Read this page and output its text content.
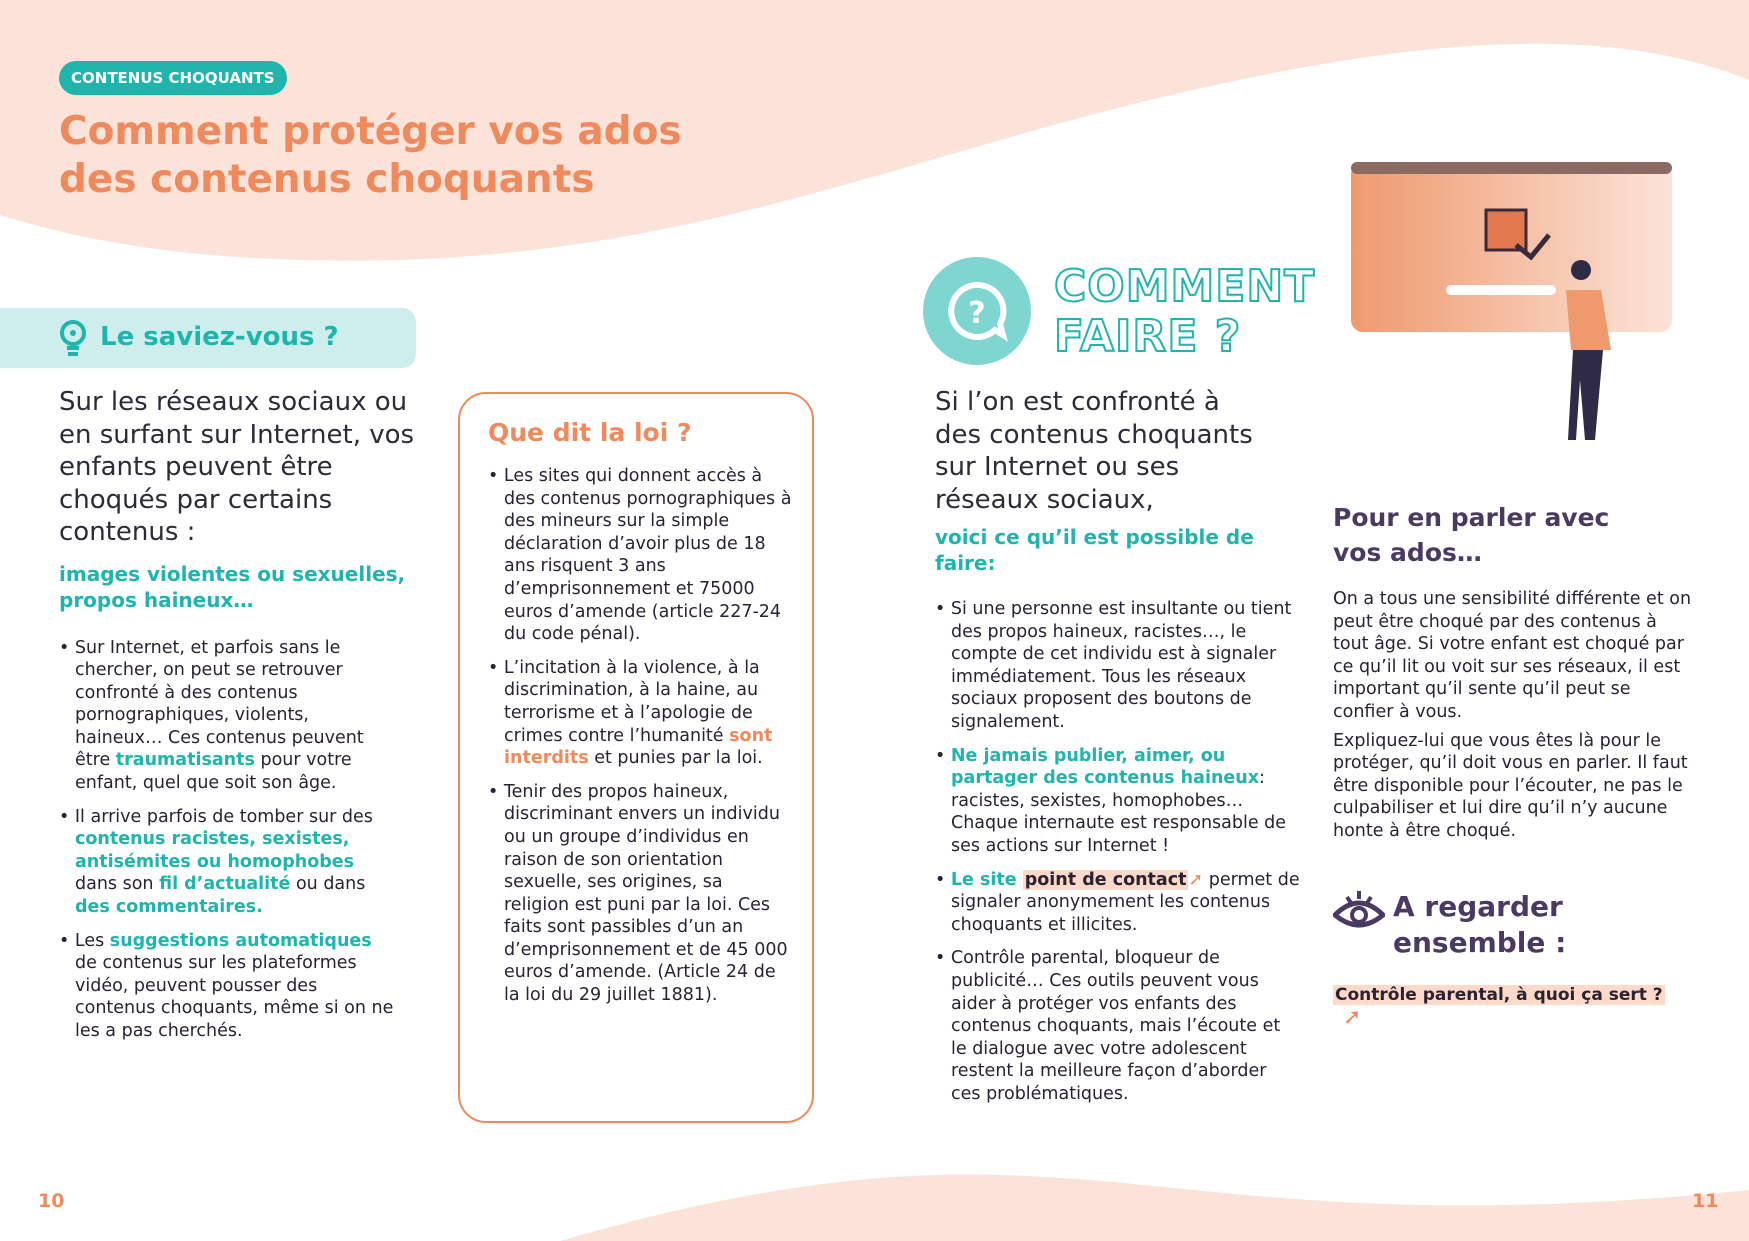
CONTENUS CHOQUANTS
Comment protéger vos ados
des contenus choquants
Le saviez-vous ?

Sur les réseaux sociaux ou en surfant sur Internet, vos enfants peuvent être choqués par certains contenus :

images violentes ou sexuelles, propos haineux…

• Sur Internet, et parfois sans le chercher, on peut se retrouver confronté à des contenus pornographiques, violents, haineux… Ces contenus peuvent être traumatisants pour votre enfant, quel que soit son âge.
• Il arrive parfois de tomber sur des contenus racistes, sexistes, antisémites ou homophobes dans son fil d’actualité ou dans des commentaires.
• Les suggestions automatiques de contenus sur les plateformes vidéo, peuvent pousser des contenus choquants, même si on ne les a pas cherchés.
Que dit la loi ?
• Les sites qui donnent accès à des contenus pornographiques à des mineurs sur la simple déclaration d’avoir plus de 18 ans risquent 3 ans d’emprisonnement et 75000 euros d’amende (article 227-24 du code pénal).
• L’incitation à la violence, à la discrimination, à la haine, au terrorisme et à l’apologie de crimes contre l’humanité sont interdits et punies par la loi.
• Tenir des propos haineux, discriminant envers un individu ou un groupe d’individus en raison de son orientation sexuelle, ses origines, sa religion est puni par la loi. Ces faits sont passibles d’un an d’emprisonnement et de 45 000 euros d’amende. (Article 24 de la loi du 29 juillet 1881).
?
COMMENT
FAIRE ?

Si l’on est confronté à des contenus choquants sur Internet ou ses réseaux sociaux,

voici ce qu’il est possible de faire:

• Si une personne est insultante ou tient des propos haineux, racistes…, le compte de cet individu est à signaler immédiatement. Tous les réseaux sociaux proposent des boutons de signalement.
• Ne jamais publier, aimer, ou partager des contenus haineux: racistes, sexistes, homophobes… Chaque internaute est responsable de ses actions sur Internet !
• Le site point de contact ➚ permet de signaler anonymement les contenus choquants et illicites.
• Contrôle parental, bloqueur de publicité… Ces outils peuvent vous aider à protéger vos enfants des contenus choquants, mais l’écoute et le dialogue avec votre adolescent restent la meilleure façon d’aborder ces problématiques.
Pour en parler avec vos ados…

On a tous une sensibilité différente et on peut être choqué par des contenus à tout âge. Si votre enfant est choqué par ce qu’il lit ou voit sur ses réseaux, il est important qu’il sente qu’il peut se confier à vous.

Expliquez-lui que vous êtes là pour le protéger, qu’il doit vous en parler. Il faut être disponible pour l’écouter, ne pas le culpabiliser et lui dire qu’il n’y aucune honte à être choqué.

A regarder ensemble :
Contrôle parental, à quoi ça sert ? ➚
10	11
